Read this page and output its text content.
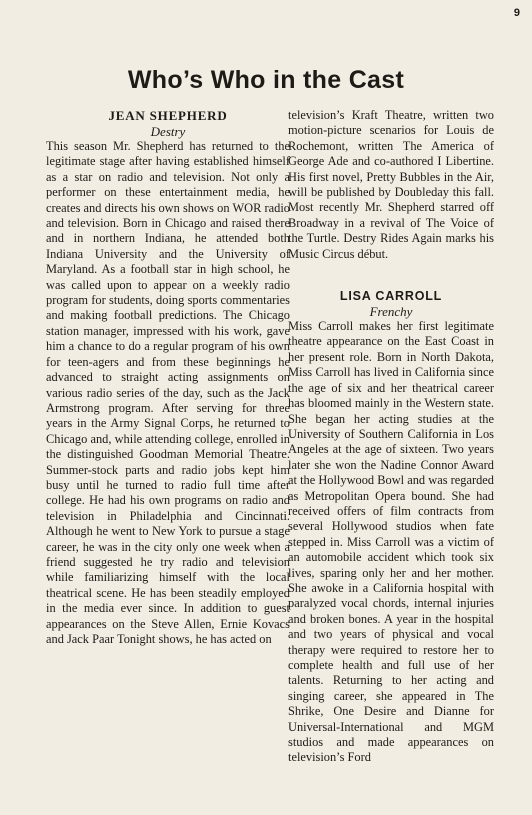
9
Who’s Who in the Cast

JEAN SHEPHERD

Destry

This season Mr. Shepherd has returned to the legitimate stage after having established himself as a star on radio and television. Not only a performer on these entertainment media, he creates and directs his own shows on WOR radio and television. Born in Chicago and raised there and in northern Indiana, he attended both Indiana University and the University of Maryland. As a football star in high school, he was called upon to appear on a weekly radio program for students, doing sports commentaries and making football predictions. The Chicago station manager, impressed with his work, gave him a chance to do a regular program of his own for teen-agers and from these beginnings he advanced to straight acting assignments on various radio series of the day, such as the Jack Armstrong program. After serving for three years in the Army Signal Corps, he returned to Chicago and, while attending college, enrolled in the distinguished Goodman Memorial Theatre. Summer-stock parts and radio jobs kept him busy until he turned to radio full time after college. He had his own programs on radio and television in Philadelphia and Cincinnati. Although he went to New York to pursue a stage career, he was in the city only one week when a friend suggested he try radio and television while familiarizing himself with the local theatrical scene. He has been steadily employed in the media ever since. In addition to guest appearances on the Steve Allen, Ernie Kovacs and Jack Paar Tonight shows, he has acted on

television’s Kraft Theatre, written two motion-picture scenarios for Louis de Rochemont, written The America of George Ade and co-authored I Libertine. His first novel, Pretty Bubbles in the Air, will be published by Doubleday this fall. Most recently Mr. Shepherd starred off Broadway in a revival of The Voice of the Turtle. Destry Rides Again marks his Music Circus début.

LISA CARROLL

Frenchy

Miss Carroll makes her first legitimate theatre appearance on the East Coast in her present role. Born in North Dakota, Miss Carroll has lived in California since the age of six and her theatrical career has bloomed mainly in the Western state. She began her acting studies at the University of Southern California in Los Angeles at the age of sixteen. Two years later she won the Nadine Connor Award at the Hollywood Bowl and was regarded as Metropolitan Opera bound. She had received offers of film contracts from several Hollywood studios when fate stepped in. Miss Carroll was a victim of an automobile accident which took six lives, sparing only her and her mother. She awoke in a California hospital with paralyzed vocal chords, internal injuries and broken bones. A year in the hospital and two years of physical and vocal therapy were required to restore her to complete health and full use of her talents. Returning to her acting and singing career, she appeared in The Shrike, One Desire and Dianne for Universal-International and MGM studios and made appearances on television’s Ford
